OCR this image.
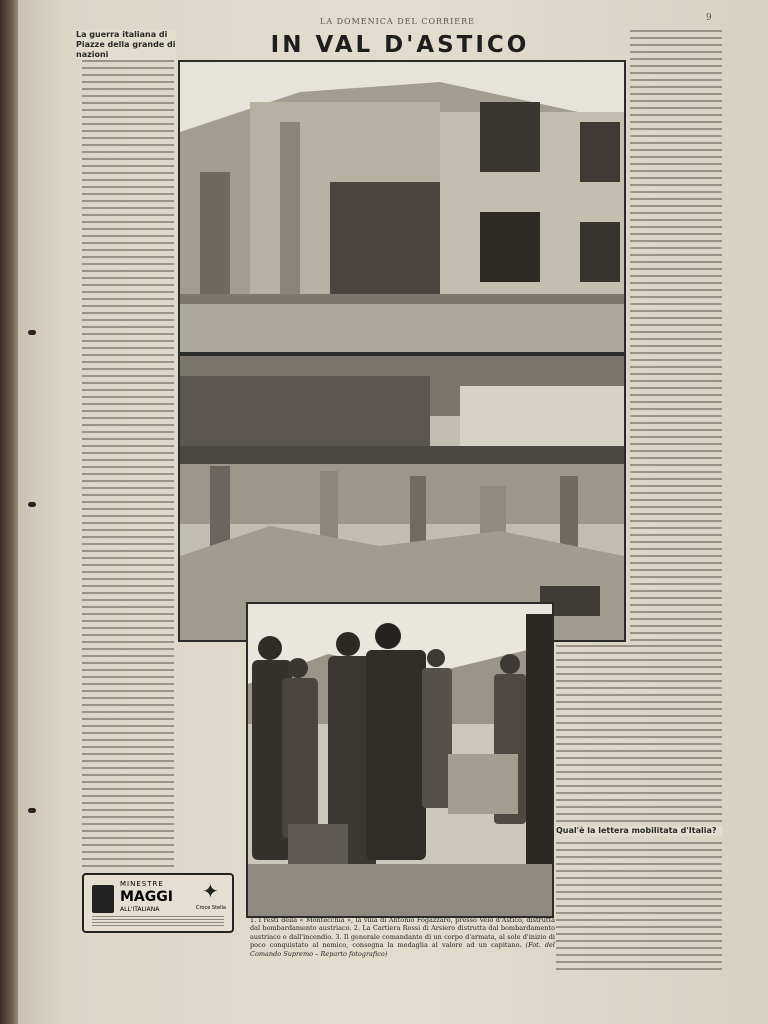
LA DOMENICA DEL CORRIERE	9
IN VAL D'ASTICO
La guerra italiana di Piazze della grande di nazioni
Qual'è la lettera mobilitata d'Italia?
1. I resti della « Montecchia », la villa di Antonio Fogazzaro, presso Velo d'Astico, distrutta dal bombardamento austriaco. 2. La Cartiera Rossi di Arsiero distrutta dal bombardamento austriaco e dall'incendio. 3. Il generale comandante di un corpo d'armata, al sole d'inizio di poco conquistato al nemico, consegna la medaglia al valore ad un capitano. (Fot. del Comando Supremo – Reparto fotografico)
MINESTRE
MAGGI
ALL'ITALIANA
✦
Croce Stella
